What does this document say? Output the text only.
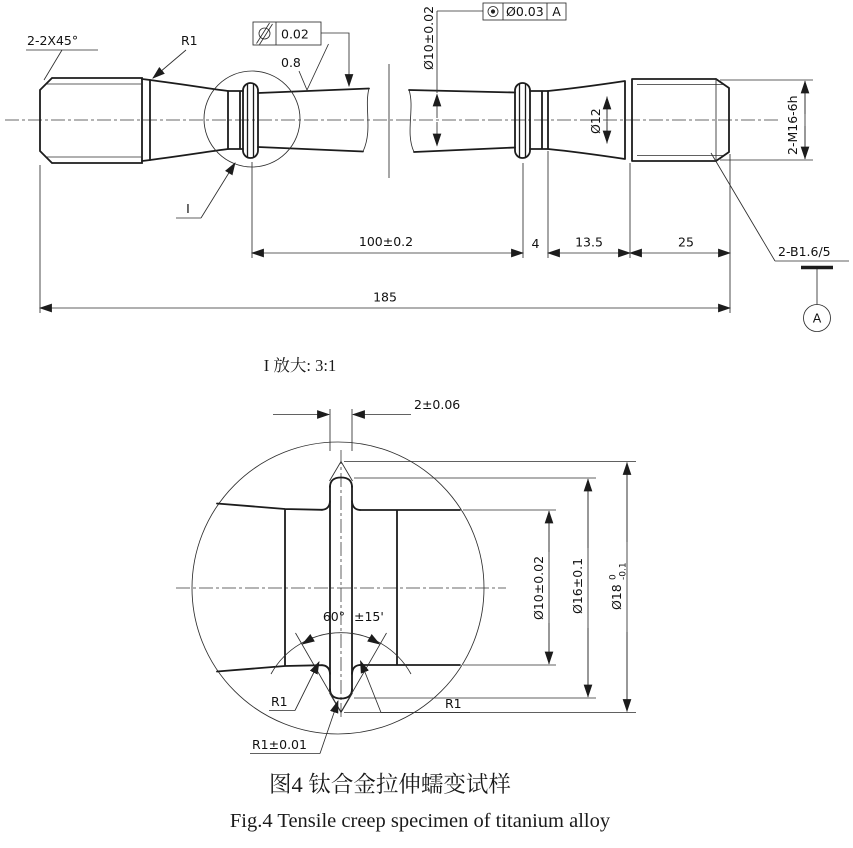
I
2-2X45°	R1	0.02
0.8	Ø10±0.02	Ø0.03 A
Ø12	2-M16-6h
2-B1.6/5
A
100±0.2	4	13.5	25
185
I 放大: 3:1
60° ±15'
2±0.06
Ø10±0.02 Ø16±0.1 Ø18
0 -0.1
R1	R1
R1±0.01
图4 钛合金拉伸蠕变试样
Fig.4 Tensile creep specimen of titanium alloy
